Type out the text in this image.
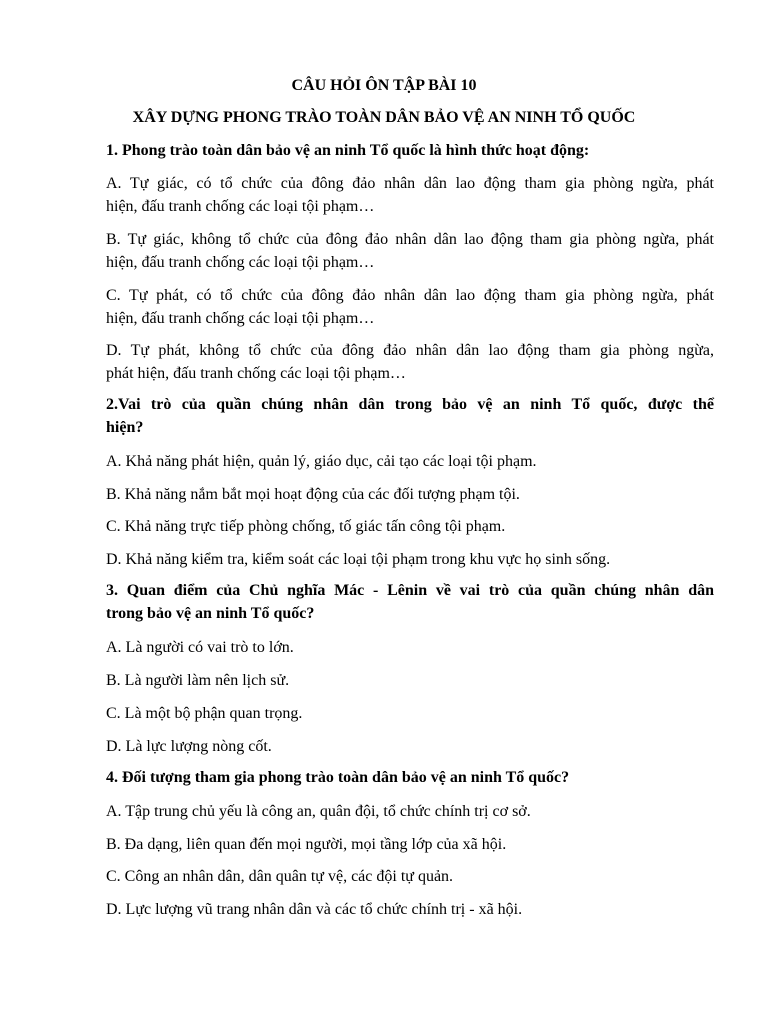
CÂU HỎI ÔN TẬP BÀI 10
XÂY DỰNG PHONG TRÀO TOÀN DÂN BẢO VỆ AN NINH TỔ QUỐC
1. Phong trào toàn dân bảo vệ an ninh Tổ quốc là hình thức hoạt động:
A. Tự giác, có tổ chức của đông đảo nhân dân lao động tham gia phòng ngừa, phát
hiện, đấu tranh chống các loại tội phạm…
B. Tự giác, không tổ chức của đông đảo nhân dân lao động tham gia phòng ngừa, phát
hiện, đấu tranh chống các loại tội phạm…
C. Tự phát, có tổ chức của đông đảo nhân dân lao động tham gia phòng ngừa, phát
hiện, đấu tranh chống các loại tội phạm…
D. Tự phát, không tổ chức của đông đảo nhân dân lao động tham gia phòng ngừa,
phát hiện, đấu tranh chống các loại tội phạm…
2.Vai trò của quần chúng nhân dân trong bảo vệ an ninh Tổ quốc, được thể
hiện?
A. Khả năng phát hiện, quản lý, giáo dục, cải tạo các loại tội phạm.
B. Khả năng nắm bắt mọi hoạt động của các đối tượng phạm tội.
C. Khả năng trực tiếp phòng chống, tố giác tấn công tội phạm.
D. Khả năng kiểm tra, kiểm soát các loại tội phạm trong khu vực họ sinh sống.
3. Quan điểm của Chủ nghĩa Mác - Lênin về vai trò của quần chúng nhân dân
trong bảo vệ an ninh Tổ quốc?
A. Là người có vai trò to lớn.
B. Là người làm nên lịch sử.
C. Là một bộ phận quan trọng.
D. Là lực lượng nòng cốt.
4. Đối tượng tham gia phong trào toàn dân bảo vệ an ninh Tổ quốc?
A. Tập trung chủ yếu là công an, quân đội, tổ chức chính trị cơ sở.
B. Đa dạng, liên quan đến mọi người, mọi tầng lớp của xã hội.
C. Công an nhân dân, dân quân tự vệ, các đội tự quản.
D. Lực lượng vũ trang nhân dân và các tổ chức chính trị - xã hội.
